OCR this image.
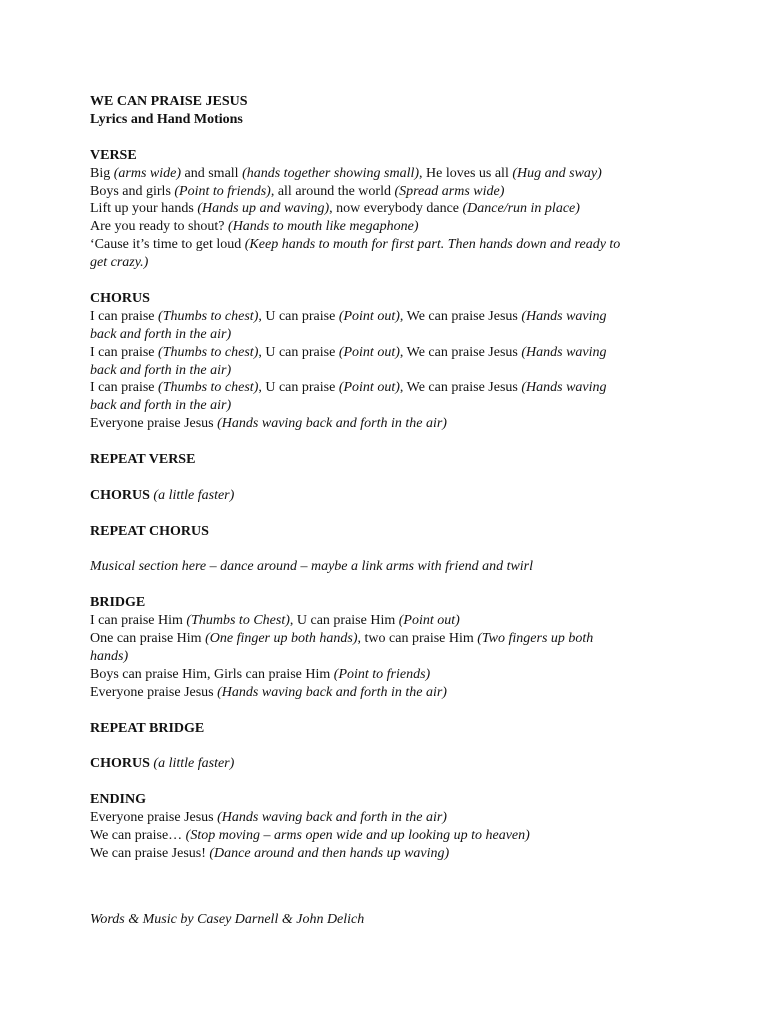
WE CAN PRAISE JESUS
Lyrics and Hand Motions
VERSE
Big (arms wide) and small (hands together showing small), He loves us all (Hug and sway)
Boys and girls (Point to friends), all around the world (Spread arms wide)
Lift up your hands (Hands up and waving), now everybody dance (Dance/run in place)
Are you ready to shout? (Hands to mouth like megaphone)
‘Cause it’s time to get loud (Keep hands to mouth for first part. Then hands down and ready to
get crazy.)
CHORUS
I can praise (Thumbs to chest), U can praise (Point out), We can praise Jesus (Hands waving
back and forth in the air)
I can praise (Thumbs to chest), U can praise (Point out), We can praise Jesus (Hands waving
back and forth in the air)
I can praise (Thumbs to chest), U can praise (Point out), We can praise Jesus (Hands waving
back and forth in the air)
Everyone praise Jesus (Hands waving back and forth in the air)
REPEAT VERSE
CHORUS (a little faster)
REPEAT CHORUS
Musical section here – dance around – maybe a link arms with friend and twirl
BRIDGE
I can praise Him (Thumbs to Chest), U can praise Him (Point out)
One can praise Him (One finger up both hands), two can praise Him (Two fingers up both
hands)
Boys can praise Him, Girls can praise Him (Point to friends)
Everyone praise Jesus (Hands waving back and forth in the air)
REPEAT BRIDGE
CHORUS (a little faster)
ENDING
Everyone praise Jesus (Hands waving back and forth in the air)
We can praise… (Stop moving – arms open wide and up looking up to heaven)
We can praise Jesus! (Dance around and then hands up waving)
Words & Music by Casey Darnell & John Delich
